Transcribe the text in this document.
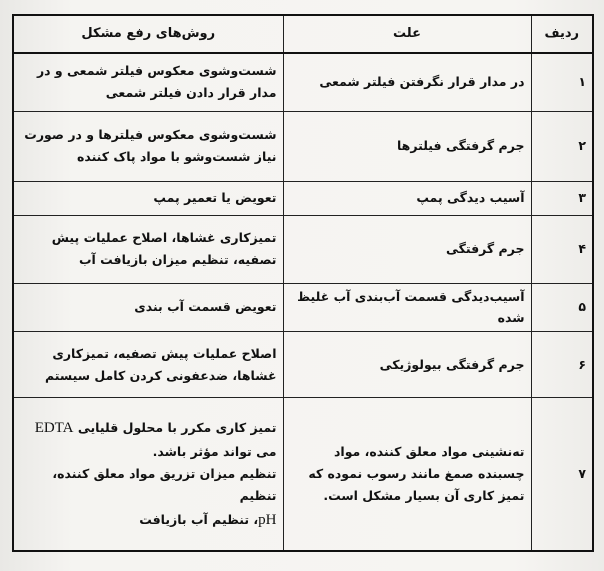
ردیف	علت	روش‌های رفع مشکل
۱	در مدار قرار نگرفتن فیلتر شمعی	شست‌وشوی معکوس فیلتر شمعی و در مدار قرار دادن فیلتر شمعی
۲	جرم گرفتگی فیلترها	شست‌وشوی معکوس فیلترها و در صورت نیاز شست‌وشو با مواد پاک کننده
۳	آسیب دیدگی پمپ	تعویض یا تعمیر پمپ
۴	جرم گرفتگی	تمیزکاری غشاها، اصلاح عملیات پیش تصفیه، تنظیم میزان بازیافت آب
۵	آسیب‌دیدگی قسمت آب‌بندی آب غلیظ شده	تعویض قسمت آب بندی
۶	جرم گرفتگی بیولوژیکی	اصلاح عملیات پیش تصفیه، تمیزکاری غشاها، ضدعفونی کردن کامل سیستم
۷	ته‌نشینی مواد معلق کننده، مواد چسبنده صمغ مانند رسوب نموده که تمیز کاری آن بسیار مشکل است.	تمیز کاری مکرر با محلول قلیایی EDTA
می تواند مؤثر باشد.
تنظیم میزان تزریق مواد معلق کننده، تنظیم
pH، تنظیم آب بازیافت
